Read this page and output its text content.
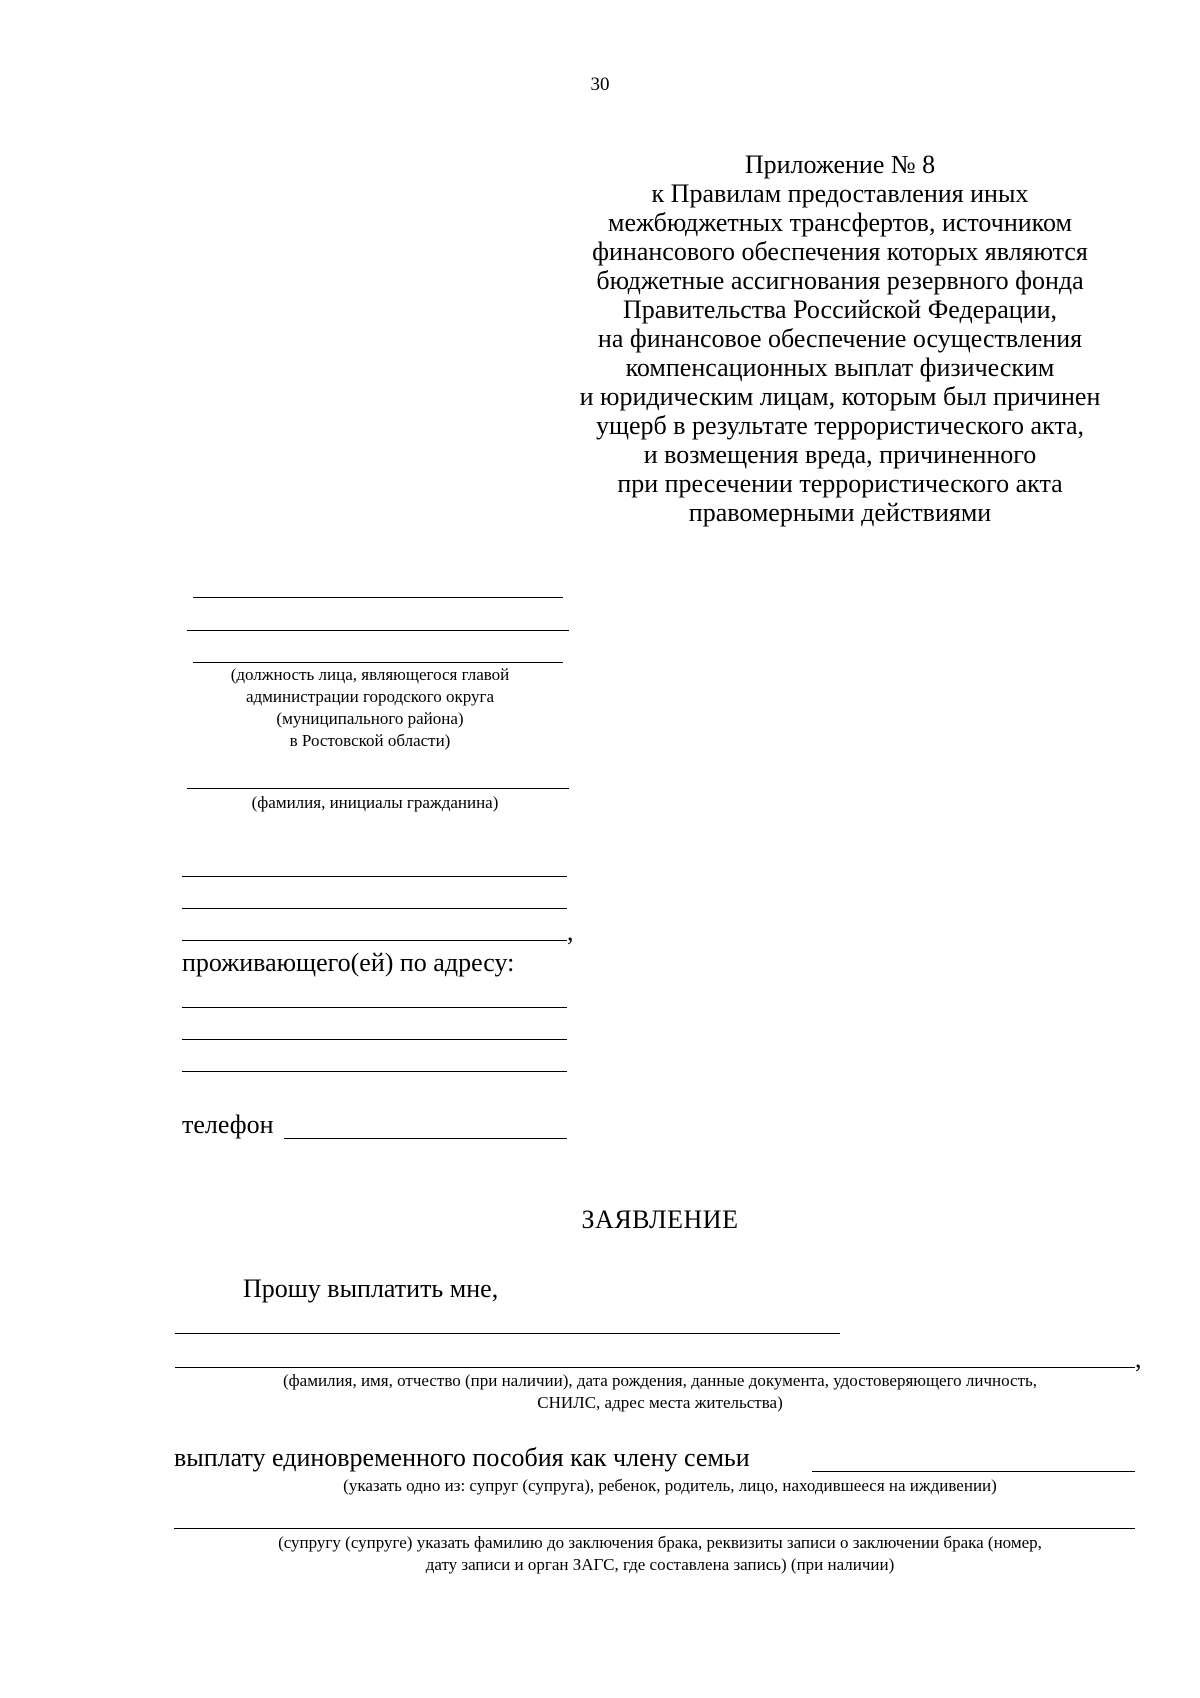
30
Приложение № 8
к Правилам предоставления иных
межбюджетных трансфертов, источником
финансового обеспечения которых являются
бюджетные ассигнования резервного фонда
Правительства Российской Федерации,
на финансовое обеспечение осуществления
компенсационных выплат физическим
и юридическим лицам, которым был причинен
ущерб в результате террористического акта,
и возмещения вреда, причиненного
при пресечении террористического акта
правомерными действиями
(должность лица, являющегося главой
администрации городского округа
(муниципального района)
в Ростовской области)
(фамилия, инициалы гражданина)
,
проживающего(ей) по адресу:
телефон
ЗАЯВЛЕНИЕ
Прошу выплатить мне,
,
(фамилия, имя, отчество (при наличии), дата рождения, данные документа, удостоверяющего личность,
СНИЛС, адрес места жительства)
выплату единовременного пособия как члену семьи
(указать одно из: супруг (супруга), ребенок, родитель, лицо, находившееся на иждивении)
(супругу (супруге) указать фамилию до заключения брака, реквизиты записи о заключении брака (номер,
дату записи и орган ЗАГС, где составлена запись) (при наличии)
